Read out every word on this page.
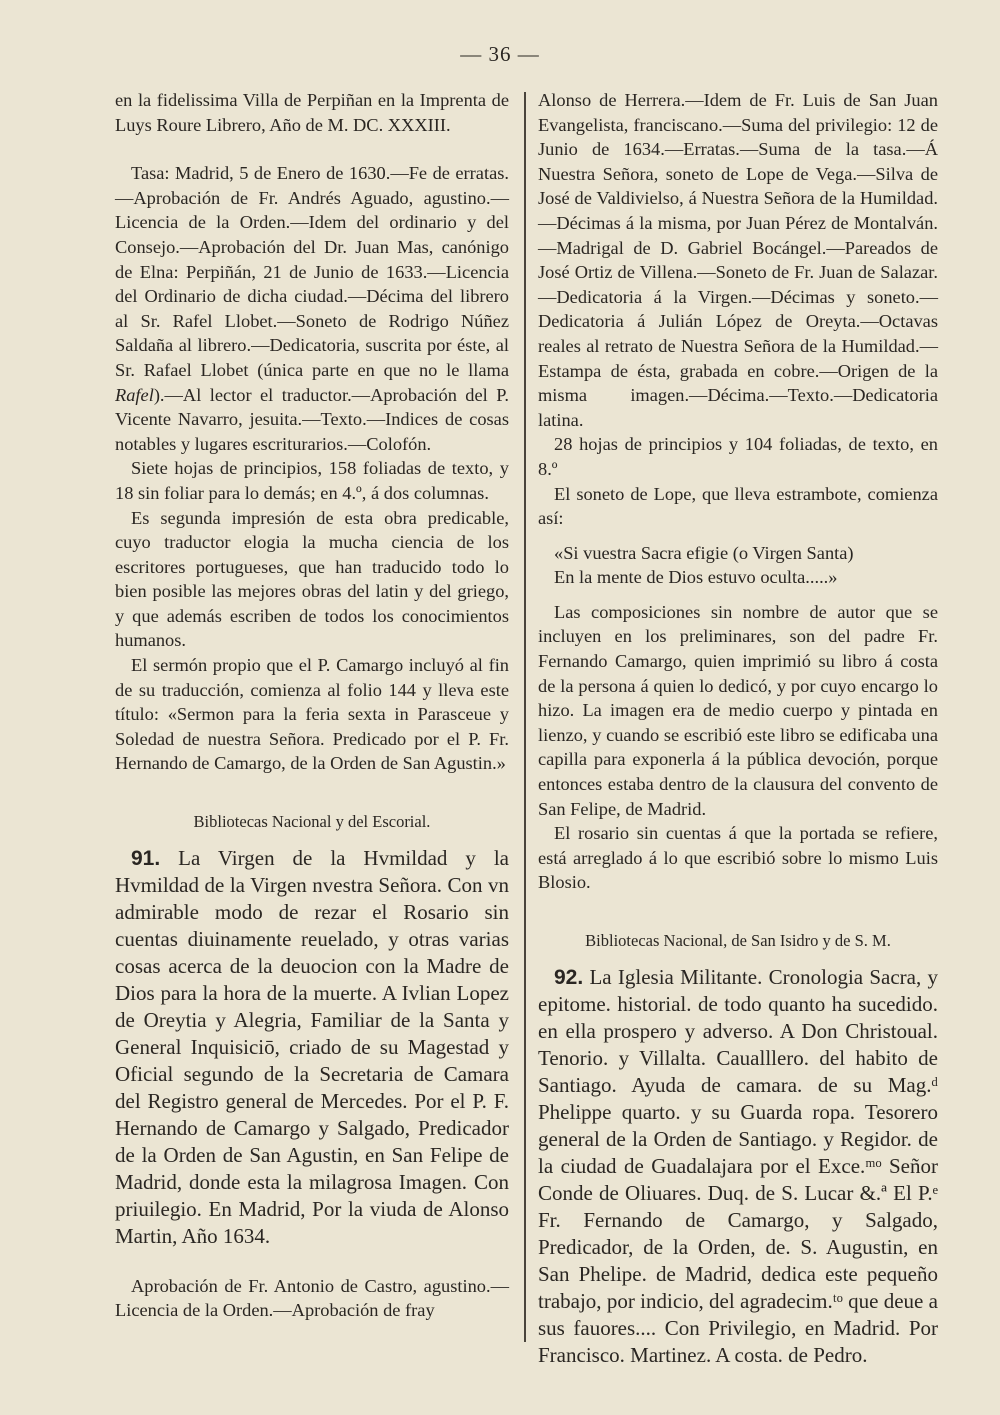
— 36 —

en la fidelissima Villa de Perpiñan en la Imprenta de Luys Roure Librero, Año de M. DC. XXXIII.

Tasa: Madrid, 5 de Enero de 1630.—Fe de erratas.—Aprobación de Fr. Andrés Aguado, agustino.—Licencia de la Orden.—Idem del ordinario y del Consejo.—Aprobación del Dr. Juan Mas, canónigo de Elna: Perpiñán, 21 de Junio de 1633.—Licencia del Ordinario de dicha ciudad.—Décima del librero al Sr. Rafel Llobet.—Soneto de Rodrigo Núñez Saldaña al librero.—Dedicatoria, suscrita por éste, al Sr. Rafael Llobet (única parte en que no le llama Rafel).—Al lector el traductor.—Aprobación del P. Vicente Navarro, jesuita.—Texto.—Indices de cosas notables y lugares escriturarios.—Colofón.

Siete hojas de principios, 158 foliadas de texto, y 18 sin foliar para lo demás; en 4.º, á dos columnas.

Es segunda impresión de esta obra predicable, cuyo traductor elogia la mucha ciencia de los escritores portugueses, que han traducido todo lo bien posible las mejores obras del latin y del griego, y que además escriben de todos los conocimientos humanos.

El sermón propio que el P. Camargo incluyó al fin de su traducción, comienza al folio 144 y lleva este título: «Sermon para la feria sexta in Parasceue y Soledad de nuestra Señora. Predicado por el P. Fr. Hernando de Camargo, de la Orden de San Agustin.»

Bibliotecas Nacional y del Escorial.

91. La Virgen de la Hvmildad y la Hvmildad de la Virgen nvestra Señora. Con vn admirable modo de rezar el Rosario sin cuentas diuinamente reuelado, y otras varias cosas acerca de la deuocion con la Madre de Dios para la hora de la muerte. A Ivlian Lopez de Oreytia y Alegria, Familiar de la Santa y General Inquisiciō, criado de su Magestad y Oficial segundo de la Secretaria de Camara del Registro general de Mercedes. Por el P. F. Hernando de Camargo y Salgado, Predicador de la Orden de San Agustin, en San Felipe de Madrid, donde esta la milagrosa Imagen. Con priuilegio. En Madrid, Por la viuda de Alonso Martin, Año 1634.

Aprobación de Fr. Antonio de Castro, agustino.—Licencia de la Orden.—Aprobación de fray

Alonso de Herrera.—Idem de Fr. Luis de San Juan Evangelista, franciscano.—Suma del privilegio: 12 de Junio de 1634.—Erratas.—Suma de la tasa.—Á Nuestra Señora, soneto de Lope de Vega.—Silva de José de Valdivielso, á Nuestra Señora de la Humildad.—Décimas á la misma, por Juan Pérez de Montalván.—Madrigal de D. Gabriel Bocángel.—Pareados de José Ortiz de Villena.—Soneto de Fr. Juan de Salazar.—Dedicatoria á la Virgen.—Décimas y soneto.—Dedicatoria á Julián López de Oreyta.—Octavas reales al retrato de Nuestra Señora de la Humildad.—Estampa de ésta, grabada en cobre.—Origen de la misma imagen.—Décima.—Texto.—Dedicatoria latina.

28 hojas de principios y 104 foliadas, de texto, en 8.º

El soneto de Lope, que lleva estrambote, comienza así:

«Si vuestra Sacra efigie (o Virgen Santa)

En la mente de Dios estuvo oculta.....»

Las composiciones sin nombre de autor que se incluyen en los preliminares, son del padre Fr. Fernando Camargo, quien imprimió su libro á costa de la persona á quien lo dedicó, y por cuyo encargo lo hizo. La imagen era de medio cuerpo y pintada en lienzo, y cuando se escribió este libro se edificaba una capilla para exponerla á la pública devoción, porque entonces estaba dentro de la clausura del convento de San Felipe, de Madrid.

El rosario sin cuentas á que la portada se refiere, está arreglado á lo que escribió sobre lo mismo Luis Blosio.

Bibliotecas Nacional, de San Isidro y de S. M.

92. La Iglesia Militante. Cronologia Sacra, y epitome. historial. de todo quanto ha sucedido. en ella prospero y adverso. A Don Christoual. Tenorio. y Villalta. Caualllero. del habito de Santiago. Ayuda de camara. de su Mag.ᵈ Phelippe quarto. y su Guarda ropa. Tesorero general de la Orden de Santiago. y Regidor. de la ciudad de Guadalajara por el Exce.ᵐᵒ Señor Conde de Oliuares. Duq. de S. Lucar &.ª El P.ᵉ Fr. Fernando de Camargo, y Salgado, Predicador, de la Orden, de. S. Augustin, en San Phelipe. de Madrid, dedica este pequeño trabajo, por indicio, del agradecim.ᵗᵒ que deue a sus fauores.... Con Privilegio, en Madrid. Por Francisco. Martinez. A costa. de Pedro.
